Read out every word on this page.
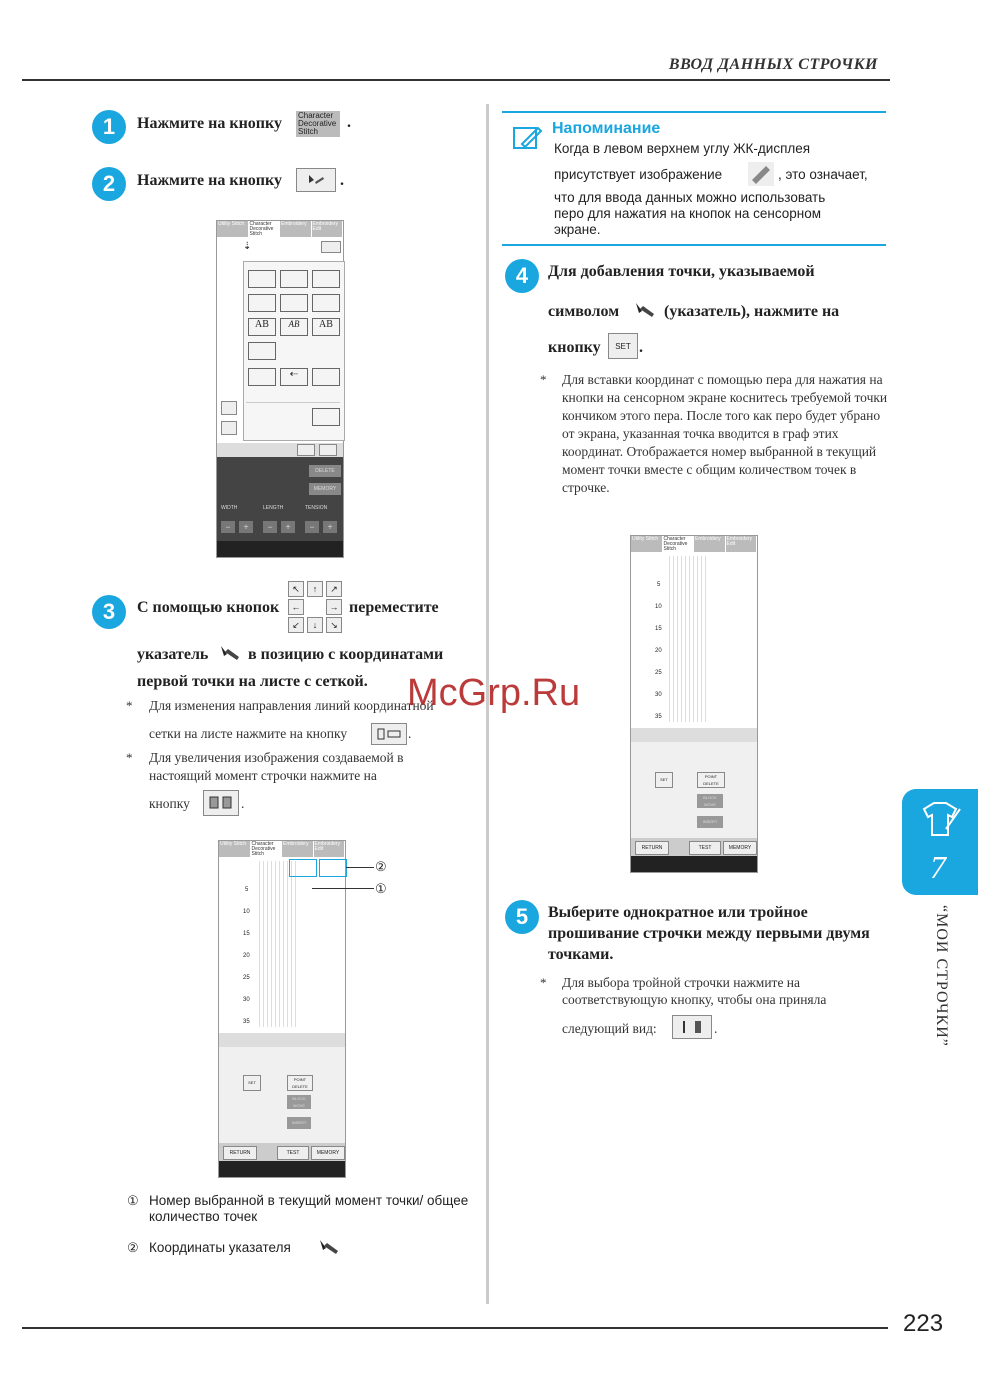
ВВОД ДАННЫХ СТРОЧКИ
1	Нажмите на кнопку Character Decorative Stitch
.
2	Нажмите на кнопку	.
Utility Stitch	Character Decorative Stitch
Embroidery	Embroidery Edit
⇣
AB	AB	AB
⇠
DELETE
MEMORY
WIDTH	LENGTH	TENSION
−	+	−	+	−	+
3	С помощью кнопок
↖	↑	↗
←	→
↙	↓	↘
переместите
указатель в позицию с координатами
первой точки на листе с сеткой.
* Для изменения направления линий координатной
сетки на листе нажмите на кнопку	.
* Для увеличения изображения создаваемой в
настоящий момент строчки нажмите на
кнопку	.
Utility Stitch	Character Decorative Stitch
Embroidery	Embroidery Edit
5
10
15
20
25
30
35
SET
POINT DELETE
BLOCK MOVE
INSERT
RETURN	TEST	MEMORY
②
①
① Номер выбранной в текущий момент точки/ общее количество точек
② Координаты указателя
Напоминание
Когда в левом верхнем углу ЖК-дисплея
присутствует изображение	, это означает,
что для ввода данных можно использовать
перо для нажатия на кнопок на сенсорном
экране.
4	Для добавления точки, указываемой
символом	(указатель), нажмите на
кнопку	SET .
* Для вставки координат с помощью пера для нажатия на кнопки на сенсорном экране коснитесь требуемой точки кончиком этого пера. После того как перо будет убрано от экрана, указанная точка вводится в граф этих координат. Отображается номер выбранной в текущий момент точки вместе с общим количеством точек в строчке.
Utility Stitch	Character Decorative Stitch
Embroidery	Embroidery Edit
5
10
15
20
25
30
35
SET
POINT DELETE
BLOCK MOVE
INSERT
RETURN	TEST	MEMORY
5	Выберите однократное или тройное
прошивание строчки между первыми двумя
точками.
* Для выбора тройной строчки нажмите на
соответствующую кнопку, чтобы она приняла
следующий вид:	.
7
“МОИ СТРОЧКИ”
McGrp.Ru
223
